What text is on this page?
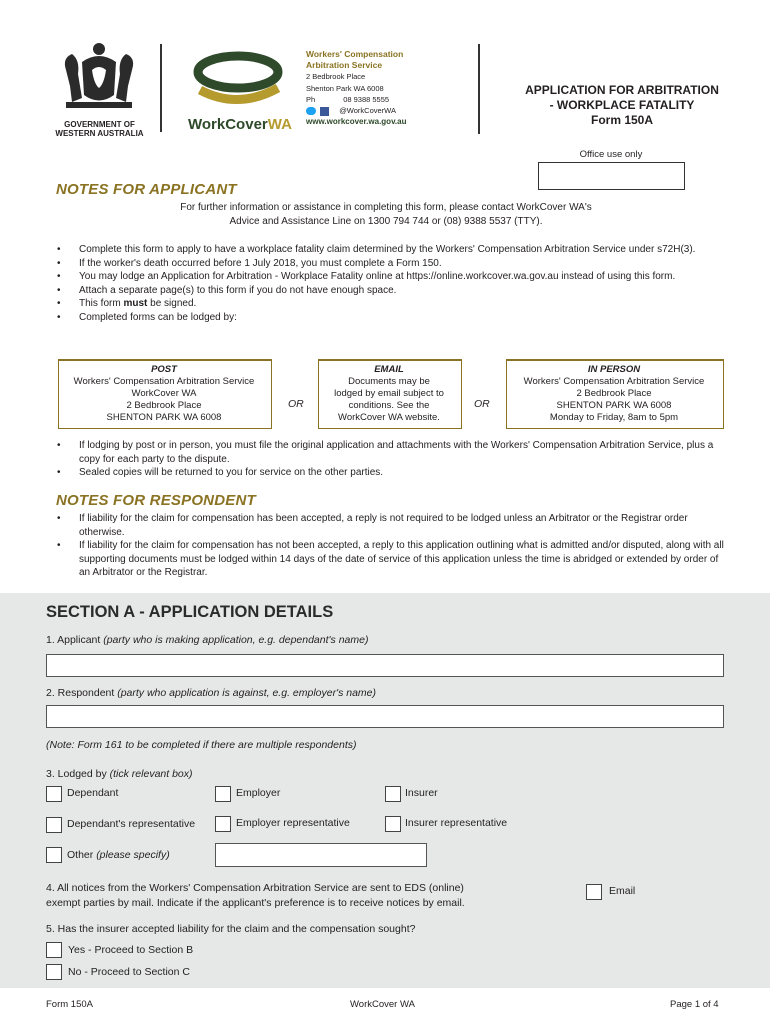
GOVERNMENT OF
WESTERN AUSTRALIA
WorkCoverWA
Workers' Compensation
Arbitration Service
2 Bedbrook Place
Shenton Park WA 6008
Ph	08 9388 5555
@WorkCoverWA
www.workcover.wa.gov.au
APPLICATION FOR ARBITRATION
- WORKPLACE FATALITY
Form 150A
Office use only
NOTES FOR APPLICANT
For further information or assistance in completing this form, please contact WorkCover WA's
Advice and Assistance Line on 1300 794 744 or (08) 9388 5537 (TTY).
• Complete this form to apply to have a workplace fatality claim determined by the Workers' Compensation Arbitration Service under s72H(3).
• If the worker's death occurred before 1 July 2018, you must complete a Form 150.
• You may lodge an Application for Arbitration - Workplace Fatality online at https://online.workcover.wa.gov.au instead of using this form.
• Attach a separate page(s) to this form if you do not have enough space.
• This form must be signed.
• Completed forms can be lodged by:
POST
Workers' Compensation Arbitration Service
WorkCover WA
2 Bedbrook Place
SHENTON PARK WA 6008
OR
EMAIL
Documents may be
lodged by email subject to
conditions. See the
WorkCover WA website.
OR
IN PERSON
Workers' Compensation Arbitration Service
2 Bedbrook Place
SHENTON PARK WA 6008
Monday to Friday, 8am to 5pm
• If lodging by post or in person, you must file the original application and attachments with the Workers' Compensation Arbitration Service, plus a copy for each party to the dispute.
• Sealed copies will be returned to you for service on the other parties.
NOTES FOR RESPONDENT
• If liability for the claim for compensation has been accepted, a reply is not required to be lodged unless an Arbitrator or the Registrar order otherwise.
• If liability for the claim for compensation has not been accepted, a reply to this application outlining what is admitted and/or disputed, along with all supporting documents must be lodged within 14 days of the date of service of this application unless the time is abridged or extended by order of an Arbitrator or the Registrar.
SECTION A - APPLICATION DETAILS
1. Applicant (party who is making application, e.g. dependant's name)
2. Respondent (party who application is against, e.g. employer's name)
(Note: Form 161 to be completed if there are multiple respondents)
3. Lodged by (tick relevant box)
Dependant	Employer	Insurer
Dependant's representative	Employer representative	Insurer representative
Other (please specify)
4. All notices from the Workers' Compensation Arbitration Service are sent to EDS (online)
exempt parties by mail. Indicate if the applicant's preference is to receive notices by email.
Email
5. Has the insurer accepted liability for the claim and the compensation sought?
Yes - Proceed to Section B
No - Proceed to Section C
Form 150A	WorkCover WA	Page 1 of 4
